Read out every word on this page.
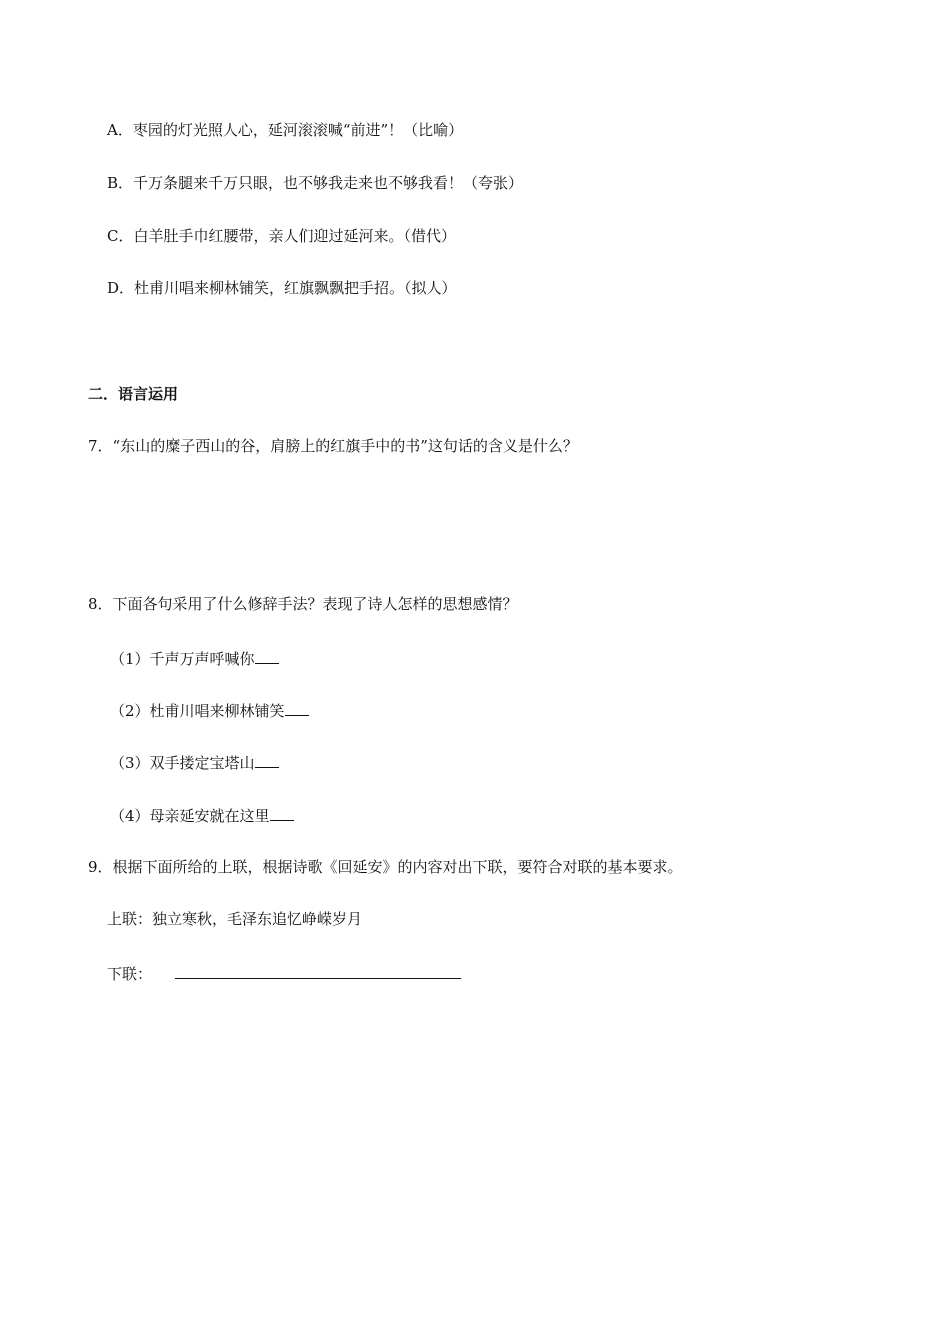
A．枣园的灯光照人心，延河滚滚喊“前进”！（比喻）
B．千万条腿来千万只眼，也不够我走来也不够我看！（夸张）
C．白羊肚手巾红腰带，亲人们迎过延河来。（借代）
D．杜甫川唱来柳林铺笑，红旗飘飘把手招。（拟人）
二．语言运用
7．“东山的糜子西山的谷，肩膀上的红旗手中的书”这句话的含义是什么？
8．下面各句采用了什么修辞手法？表现了诗人怎样的思想感情？
（1）千声万声呼喊你
（2）杜甫川唱来柳林铺笑
（3）双手搂定宝塔山
（4）母亲延安就在这里
9．根据下面所给的上联，根据诗歌《回延安》的内容对出下联，要符合对联的基本要求。
上联：独立寒秋，毛泽东追忆峥嵘岁月
下联：
